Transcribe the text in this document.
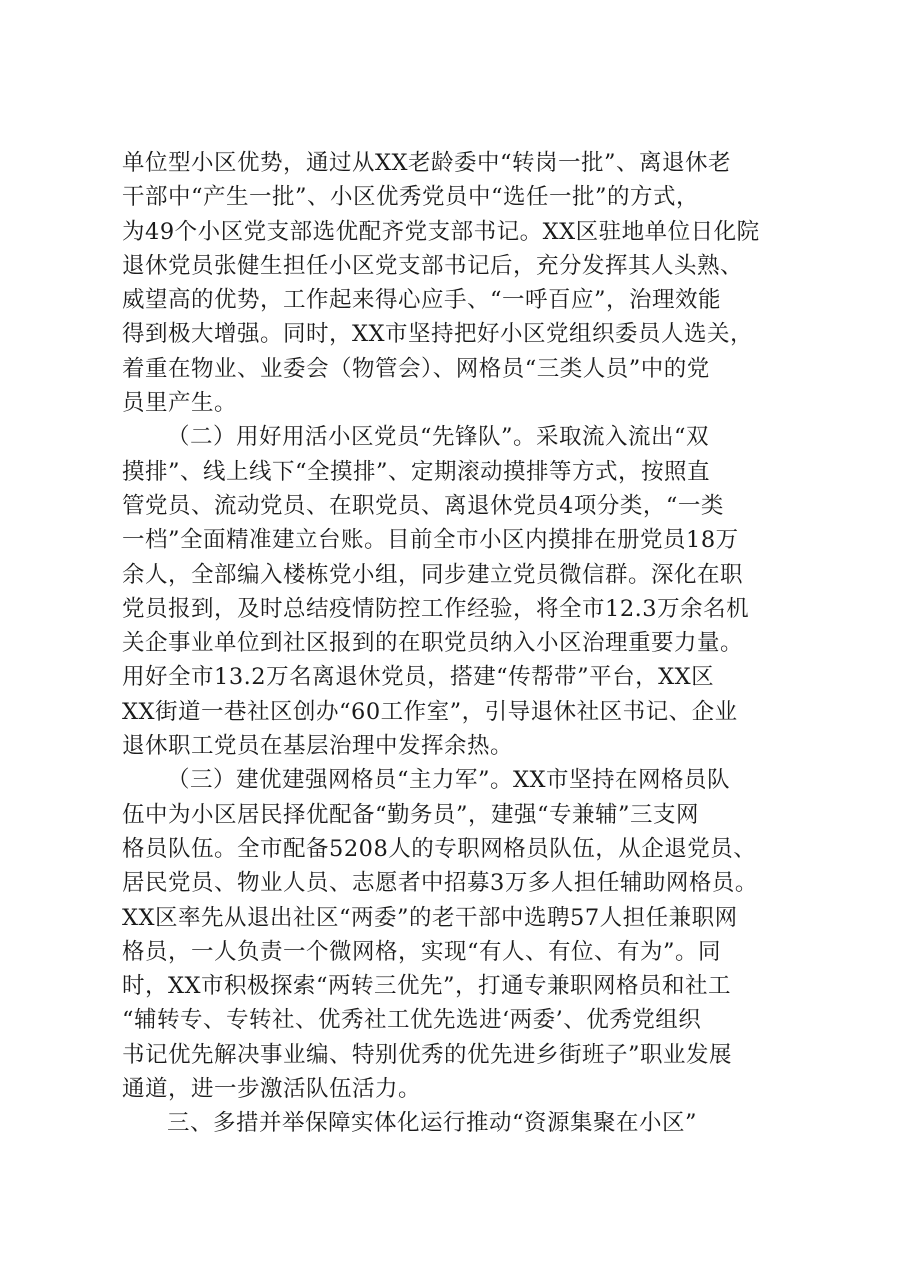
单位型小区优势，通过从XX老龄委中“转岗一批”、离退休老
干部中“产生一批”、小区优秀党员中“选任一批”的方式，
为49个小区党支部选优配齐党支部书记。XX区驻地单位日化院
退休党员张健生担任小区党支部书记后，充分发挥其人头熟、
威望高的优势，工作起来得心应手、“一呼百应”，治理效能
得到极大增强。同时，XX市坚持把好小区党组织委员人选关，
着重在物业、业委会（物管会）、网格员“三类人员”中的党
员里产生。
（二）用好用活小区党员“先锋队”。采取流入流出“双
摸排”、线上线下“全摸排”、定期滚动摸排等方式，按照直
管党员、流动党员、在职党员、离退休党员4项分类，“一类
一档”全面精准建立台账。目前全市小区内摸排在册党员18万
余人，全部编入楼栋党小组，同步建立党员微信群。深化在职
党员报到，及时总结疫情防控工作经验，将全市12.3万余名机
关企事业单位到社区报到的在职党员纳入小区治理重要力量。
用好全市13.2万名离退休党员，搭建“传帮带”平台，XX区
XX街道一巷社区创办“60工作室”，引导退休社区书记、企业
退休职工党员在基层治理中发挥余热。
（三）建优建强网格员“主力军”。XX市坚持在网格员队
伍中为小区居民择优配备“勤务员”，建强“专兼辅”三支网
格员队伍。全市配备5208人的专职网格员队伍，从企退党员、
居民党员、物业人员、志愿者中招募3万多人担任辅助网格员。
XX区率先从退出社区“两委”的老干部中选聘57人担任兼职网
格员，一人负责一个微网格，实现“有人、有位、有为”。同
时，XX市积极探索“两转三优先”，打通专兼职网格员和社工
“辅转专、专转社、优秀社工优先选进‘两委’、优秀党组织
书记优先解决事业编、特别优秀的优先进乡街班子”职业发展
通道，进一步激活队伍活力。
三、多措并举保障实体化运行推动“资源集聚在小区”
